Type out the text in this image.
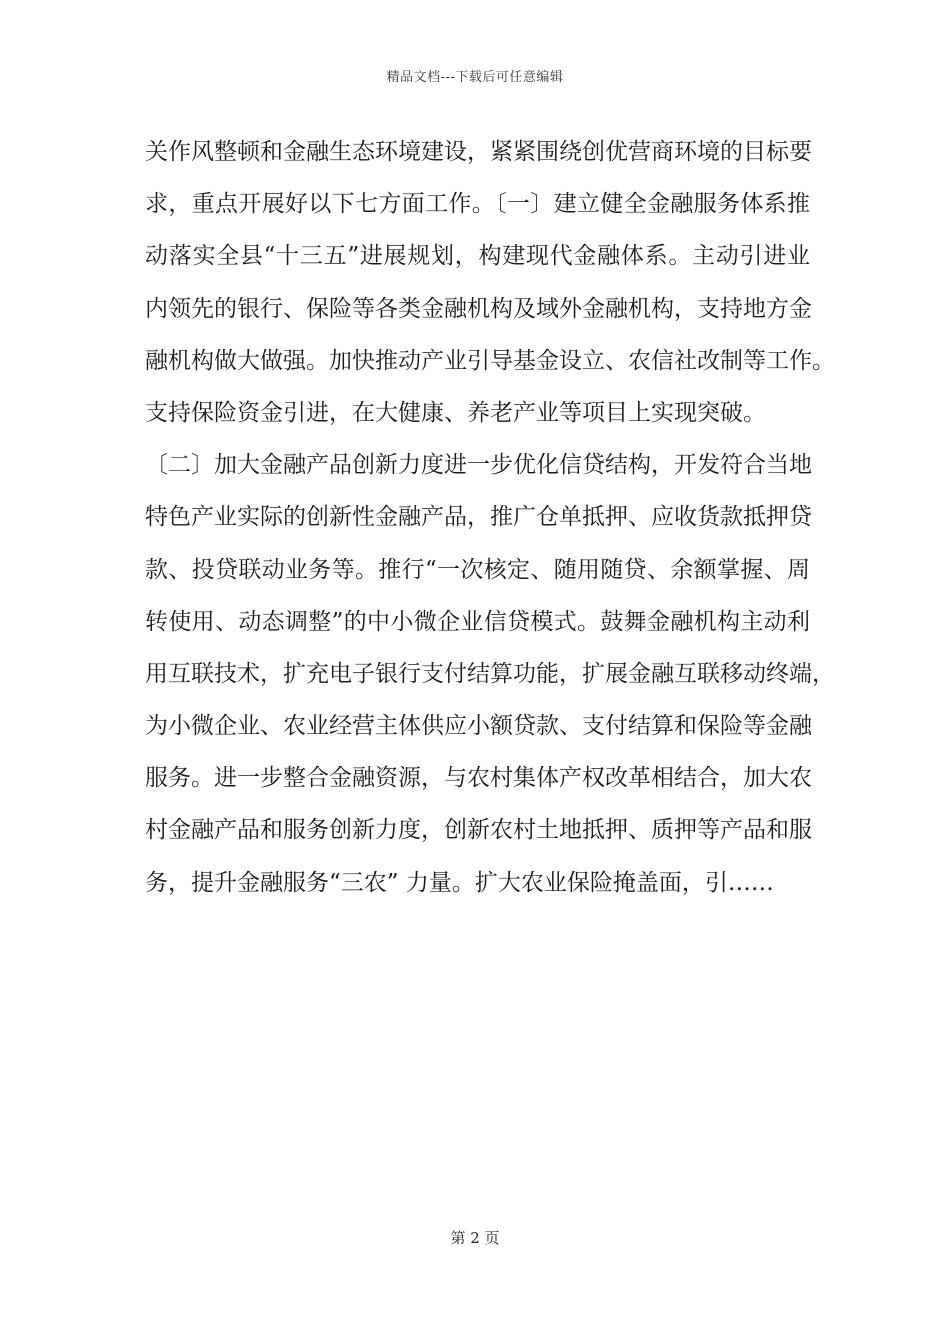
精品文档---下载后可任意编辑
关作风整顿和金融生态环境建设，紧紧围绕创优营商环境的目标要
求，重点开展好以下七方面工作。〔一〕建立健全金融服务体系推
动落实全县“十三五”进展规划，构建现代金融体系。主动引进业
内领先的银行、保险等各类金融机构及域外金融机构，支持地方金
融机构做大做强。加快推动产业引导基金设立、农信社改制等工作。
支持保险资金引进，在大健康、养老产业等项目上实现突破。
〔二〕加大金融产品创新力度进一步优化信贷结构，开发符合当地
特色产业实际的创新性金融产品，推广仓单抵押、应收货款抵押贷
款、投贷联动业务等。推行“一次核定、随用随贷、余额掌握、周
转使用、动态调整”的中小微企业信贷模式。鼓舞金融机构主动利
用互联技术，扩充电子银行支付结算功能，扩展金融互联移动终端，
为小微企业、农业经营主体供应小额贷款、支付结算和保险等金融
服务。进一步整合金融资源，与农村集体产权改革相结合，加大农
村金融产品和服务创新力度，创新农村土地抵押、质押等产品和服
务，提升金融服务“三农” 力量。扩大农业保险掩盖面，引……
第 2 页
